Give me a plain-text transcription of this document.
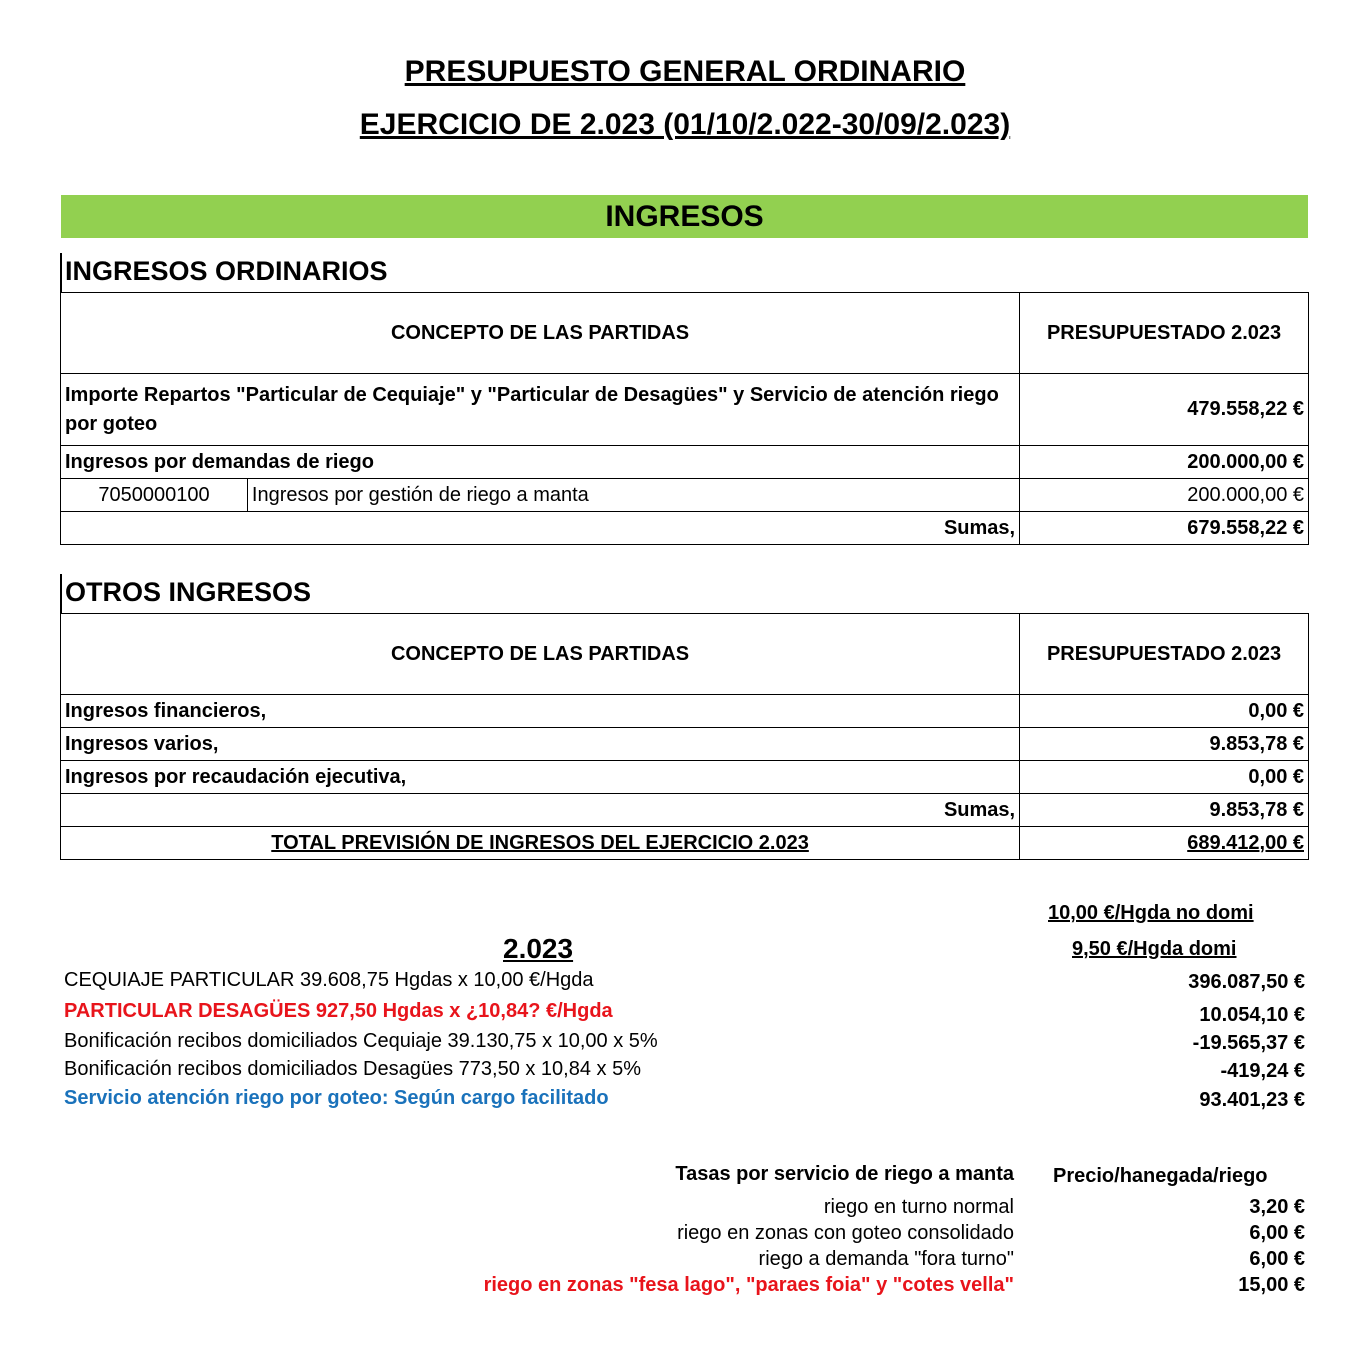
PRESUPUESTO GENERAL ORDINARIO
EJERCICIO DE 2.023 (01/10/2.022-30/09/2.023)
INGRESOS
INGRESOS ORDINARIOS
CONCEPTO DE LAS PARTIDAS		PRESUPUESTADO 2.023
Importe Repartos "Particular de Cequiaje" y "Particular de Desagües" y Servicio de atención riego por goteo		479.558,22 €
Ingresos por demandas de riego		200.000,00 €
7050000100	Ingresos por gestión de riego a manta	200.000,00 €
Sumas,		679.558,22 €
OTROS INGRESOS
CONCEPTO DE LAS PARTIDAS	PRESUPUESTADO 2.023
Ingresos financieros,	0,00 €
Ingresos varios,	9.853,78 €
Ingresos por recaudación ejecutiva,	0,00 €
Sumas,	9.853,78 €
TOTAL PREVISIÓN DE INGRESOS DEL EJERCICIO 2.023	689.412,00 €
10,00 €/Hgda no domi
9,50 €/Hgda domi
2.023
CEQUIAJE PARTICULAR 39.608,75 Hgdas x 10,00 €/Hgda	396.087,50 €
PARTICULAR DESAGÜES 927,50 Hgdas x ¿10,84? €/Hgda	10.054,10 €
Bonificación recibos domiciliados Cequiaje 39.130,75 x 10,00 x 5%	-19.565,37 €
Bonificación recibos domiciliados Desagües 773,50 x 10,84 x 5%	-419,24 €
Servicio atención riego por goteo: Según cargo facilitado	93.401,23 €
Tasas por servicio de riego a manta Precio/hanegada/riego
riego en turno normal	3,20 €
riego en zonas con goteo consolidado	6,00 €
riego a demanda "fora turno"	6,00 €
riego en zonas "fesa lago", "paraes foia" y "cotes vella"	15,00 €
